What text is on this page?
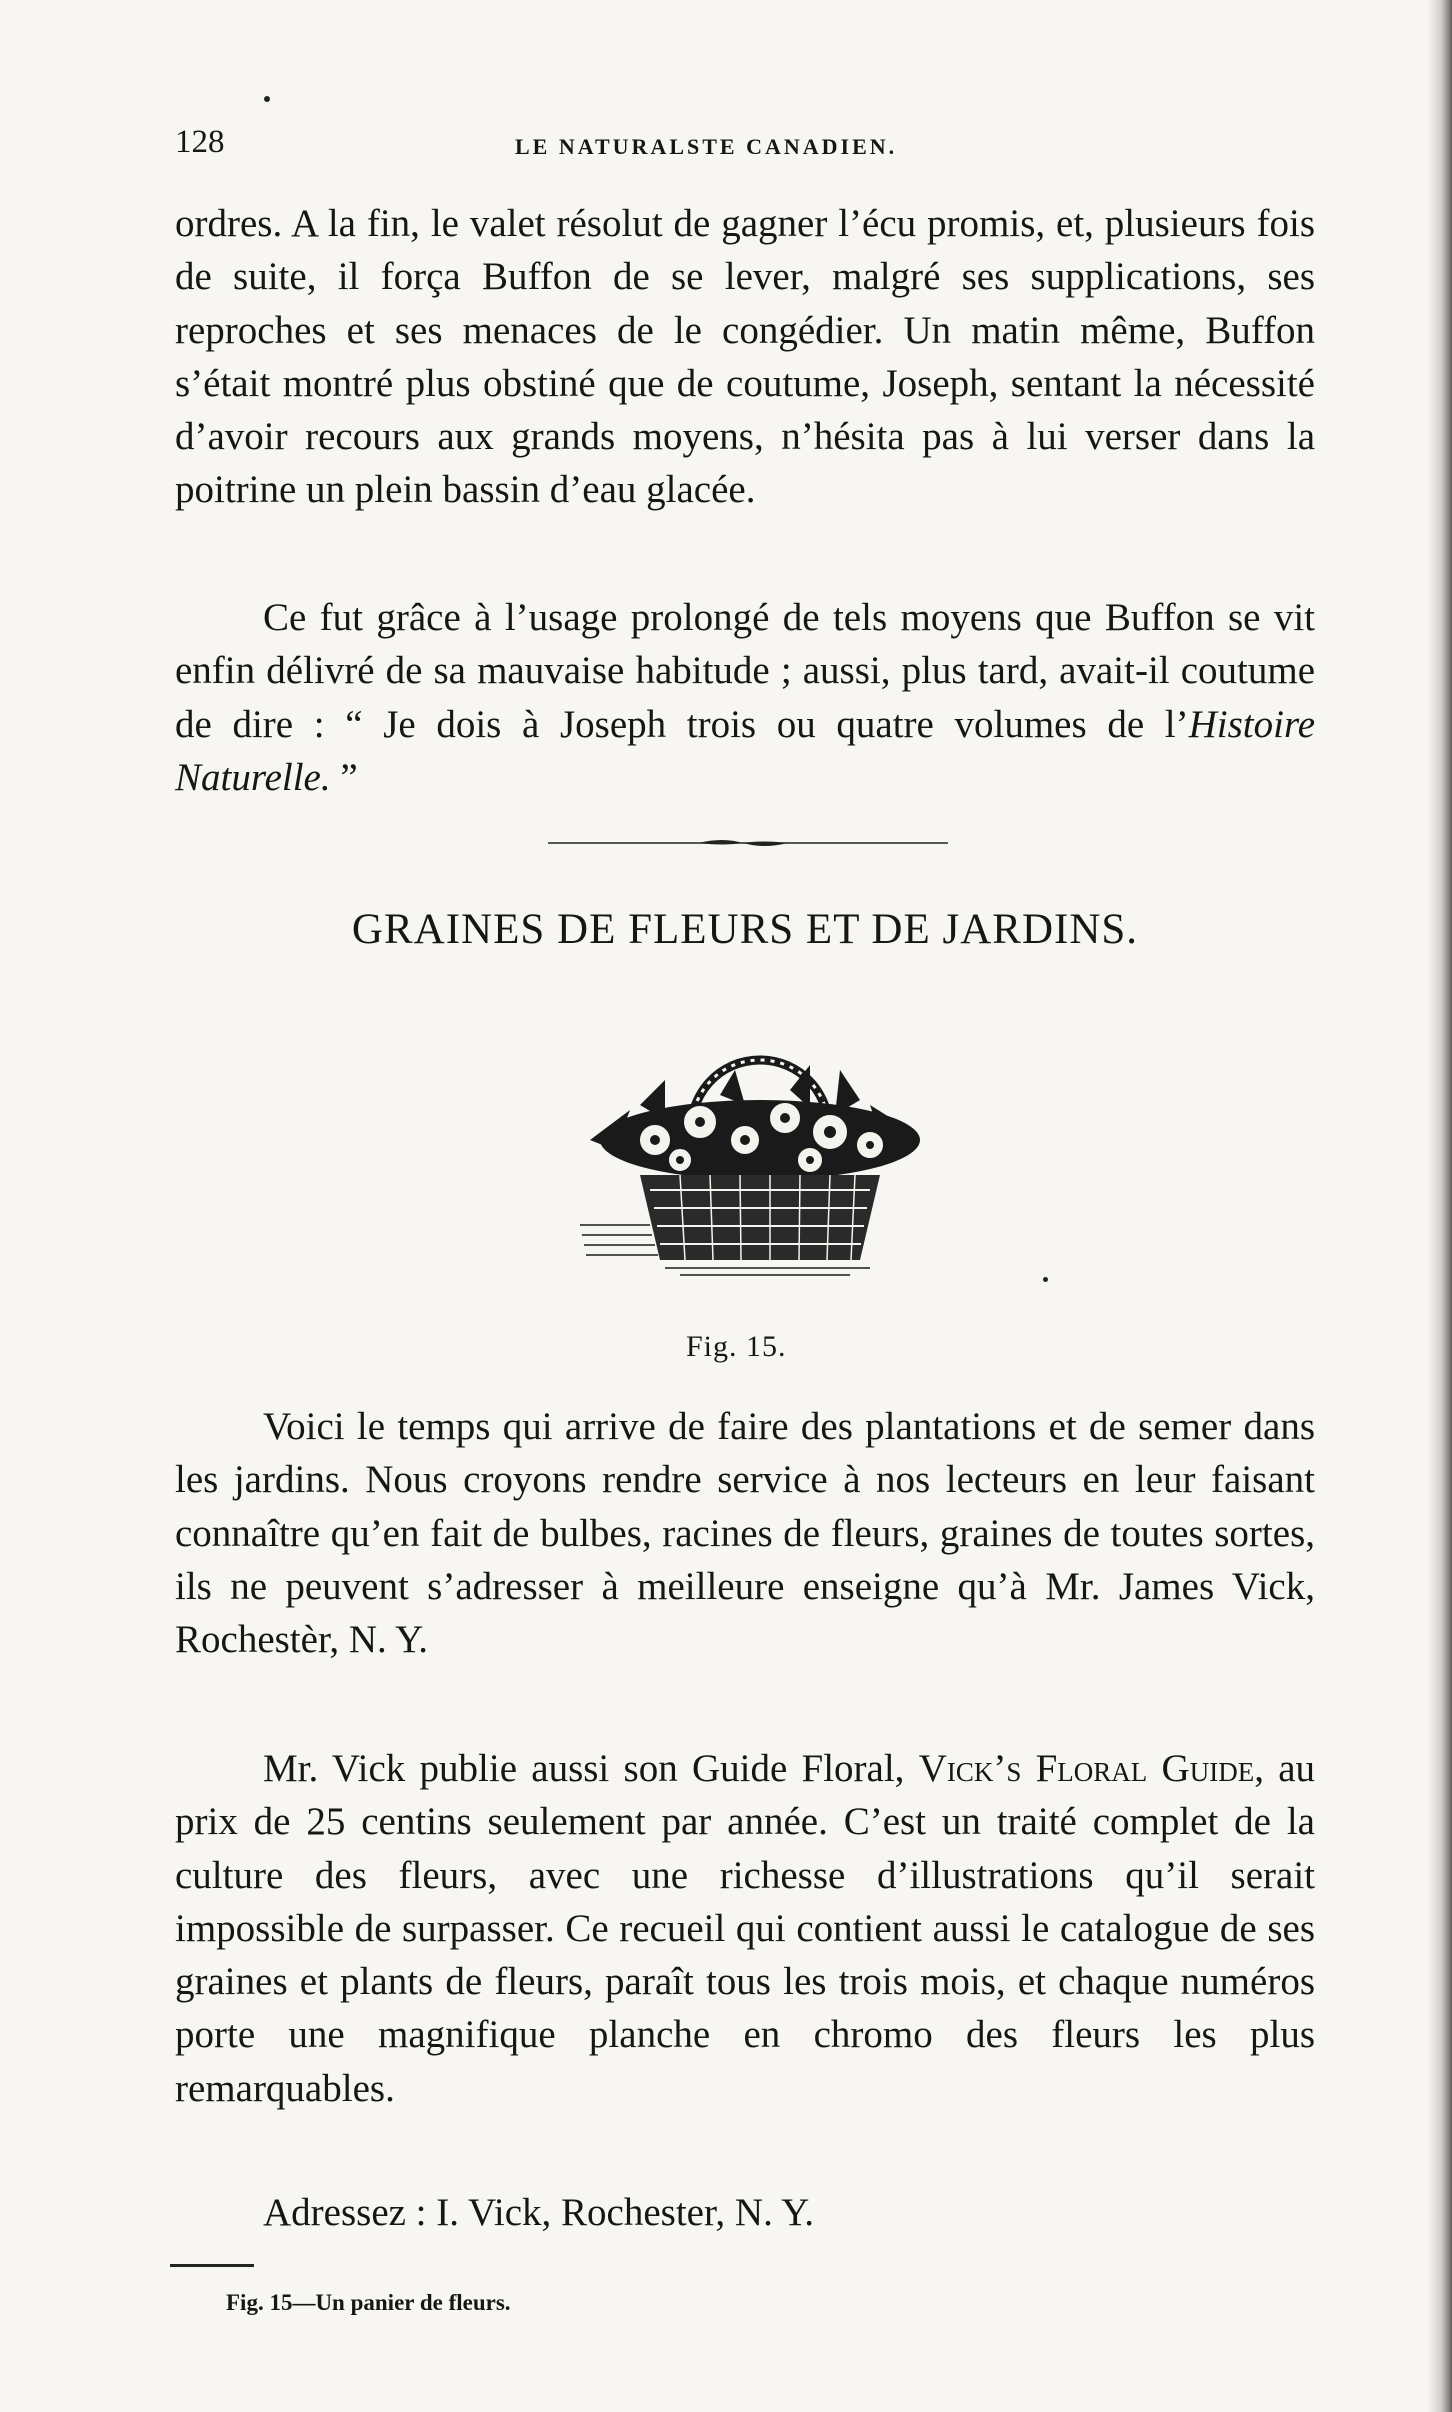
128	LE NATURALSTE CANADIEN.

ordres. A la fin, le valet résolut de gagner l’écu promis, et, plusieurs fois de suite, il força Buffon de se lever, malgré ses supplications, ses reproches et ses menaces de le congédier. Un matin même, Buffon s’était montré plus obstiné que de coutume, Joseph, sentant la nécessité d’avoir recours aux grands moyens, n’hésita pas à lui verser dans la poitrine un plein bassin d’eau glacée.

Ce fut grâce à l’usage prolongé de tels moyens que Buffon se vit enfin délivré de sa mauvaise habitude ; aussi, plus tard, avait-il coutume de dire : “ Je dois à Joseph trois ou quatre volumes de l’Histoire Naturelle. ”

GRAINES DE FLEURS ET DE JARDINS.
Fig. 15.

Voici le temps qui arrive de faire des plantations et de semer dans les jardins. Nous croyons rendre service à nos lecteurs en leur faisant connaître qu’en fait de bulbes, racines de fleurs, graines de toutes sortes, ils ne peuvent s’adresser à meilleure enseigne qu’à Mr. James Vick, Rochestèr, N. Y.

Mr. Vick publie aussi son Guide Floral, Vick’s Floral Guide, au prix de 25 centins seulement par année. C’est un traité complet de la culture des fleurs, avec une richesse d’illustrations qu’il serait impossible de surpasser. Ce recueil qui contient aussi le catalogue de ses graines et plants de fleurs, paraît tous les trois mois, et chaque numéros porte une magnifique planche en chromo des fleurs les plus remarquables.

Adressez : I. Vick, Rochester, N. Y.
Fig. 15—Un panier de fleurs.
